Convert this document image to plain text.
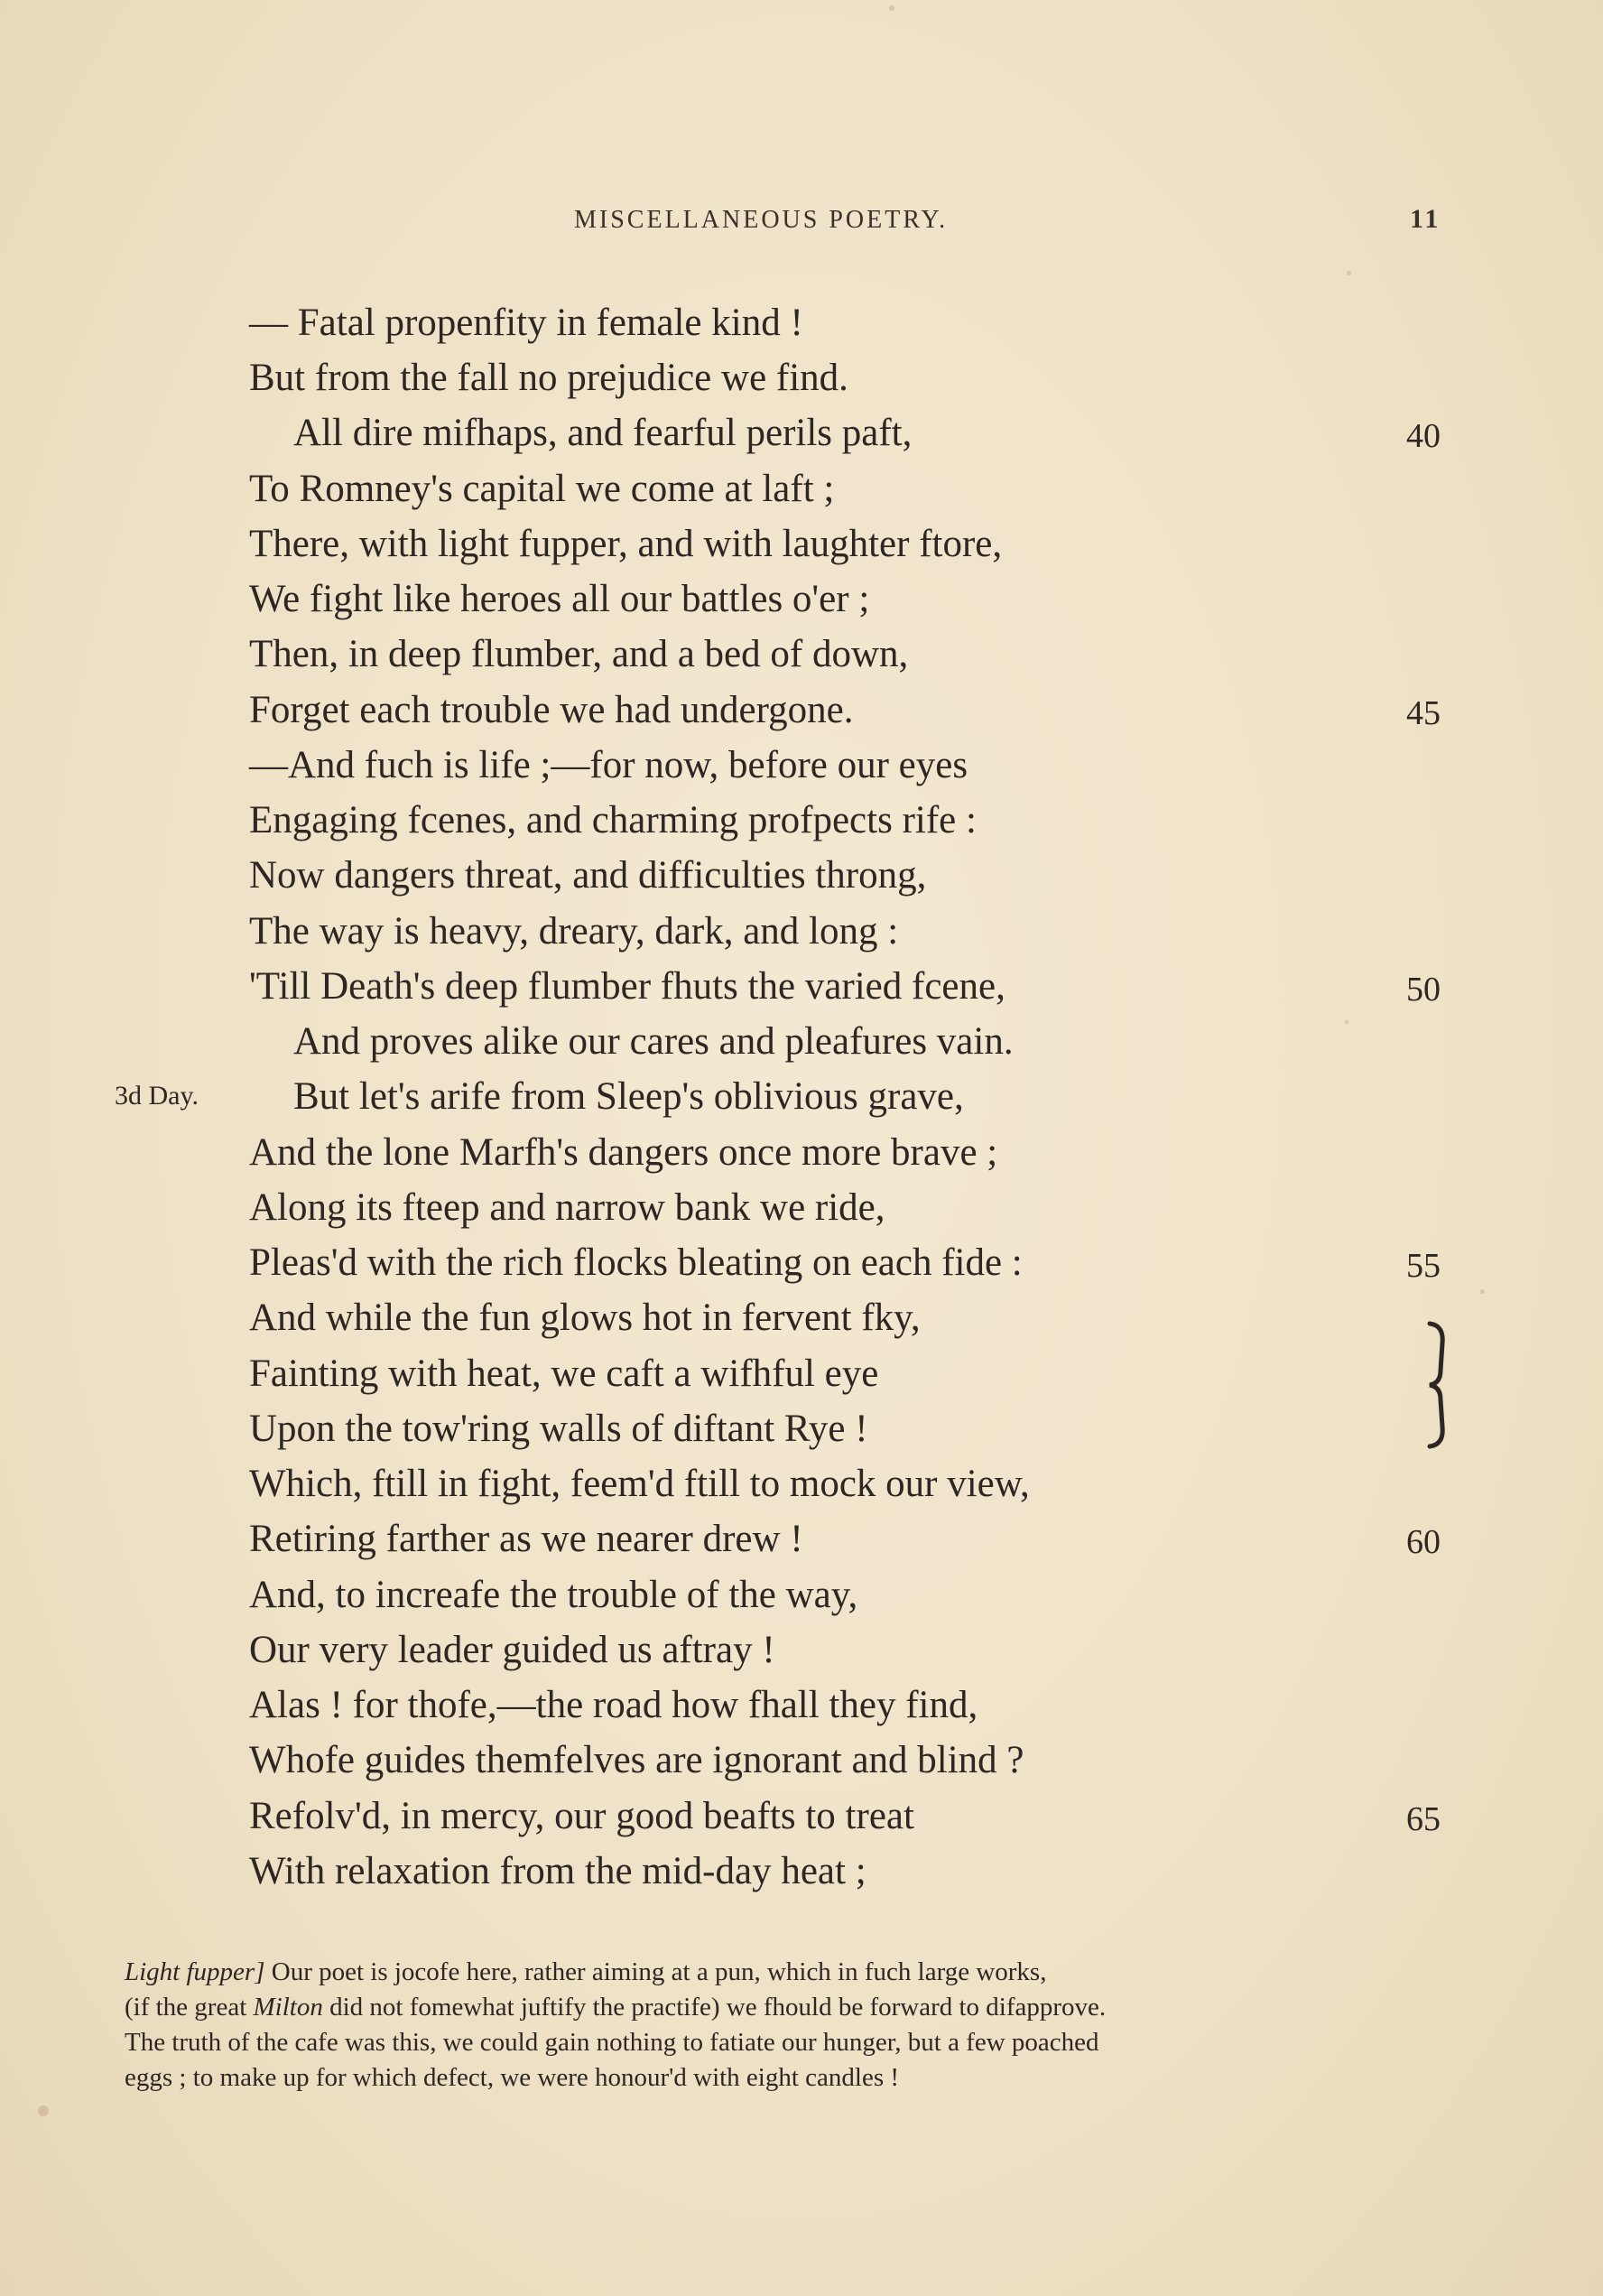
MISCELLANEOUS POETRY.	11
— Fatal propenfity in female kind !
But from the fall no prejudice we find.
All dire mifhaps, and fearful perils paft,
To Romney's capital we come at laft ;
There, with light fupper, and with laughter ftore,
We fight like heroes all our battles o'er ;
Then, in deep flumber, and a bed of down,
Forget each trouble we had undergone.
—And fuch is life ;—for now, before our eyes
Engaging fcenes, and charming profpects rife :
Now dangers threat, and difficulties throng,
The way is heavy, dreary, dark, and long :
'Till Death's deep flumber fhuts the varied fcene,
And proves alike our cares and pleafures vain.
3d Day. But let's arife from Sleep's oblivious grave,
And the lone Marfh's dangers once more brave ;
Along its fteep and narrow bank we ride,
Pleas'd with the rich flocks bleating on each fide :
And while the fun glows hot in fervent fky,
Fainting with heat, we caft a wifhful eye
Upon the tow'ring walls of diftant Rye !
Which, ftill in fight, feem'd ftill to mock our view,
Retiring farther as we nearer drew !
And, to increafe the trouble of the way,
Our very leader guided us aftray !
Alas ! for thofe,—the road how fhall they find,
Whofe guides themfelves are ignorant and blind ?
Refolv'd, in mercy, our good beafts to treat
With relaxation from the mid-day heat ;
40
45
50
55
60
65
Light fupper] Our poet is jocofe here, rather aiming at a pun, which in fuch large works,
(if the great Milton did not fomewhat juftify the practife) we fhould be forward to difapprove.
The truth of the cafe was this, we could gain nothing to fatiate our hunger, but a few poached
eggs ; to make up for which defect, we were honour'd with eight candles !
